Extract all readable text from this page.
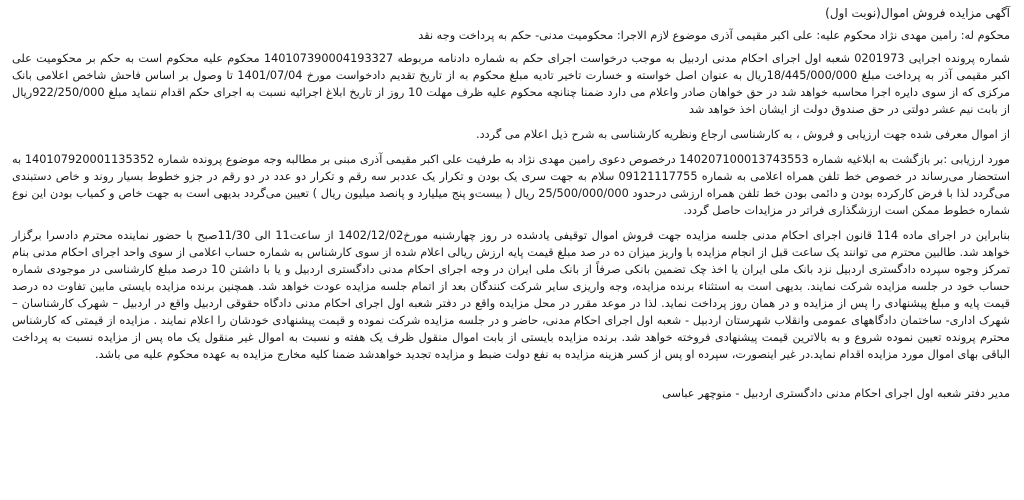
آگهی مزایده فروش اموال(نوبت اول)
محکوم له: رامین مهدی نژاد محکوم علیه: علی اکبر مقیمی آذری موضوع لازم الاجرا: محکومیت مدنی- حکم به پرداخت وجه نقد
شماره پرونده اجرایی 0201973 شعبه اول اجرای احکام مدنی اردبیل به موجب درخواست اجرای حکم به شماره دادنامه مربوطه 140107390004193327 محکوم علیه محکوم است به حکم بر محکومیت علی اکبر مقیمی آذر به پرداخت مبلغ 18/445/000/000ریال به عنوان اصل خواسته و خسارت تاخیر تادیه مبلغ محکوم به از تاریخ تقدیم دادخواست مورخ 1401/07/04 تا وصول بر اساس فاحش شاخص اعلامی بانک مرکزی که از سوی دایره اجرا محاسبه خواهد شد در حق خواهان صادر واعلام می دارد ضمنا چنانچه محکوم علیه ظرف مهلت 10 روز از تاریخ ابلاغ اجرائیه نسبت به اجرای حکم اقدام ننماید مبلغ 922/250/000ریال از بابت نیم عشر دولتی در حق صندوق دولت از ایشان اخذ خواهد شد
از اموال معرفی شده جهت ارزیابی و فروش ، به کارشناسی ارجاع ونظریه کارشناسی به شرح ذیل اعلام می گردد.
مورد ارزیابی :بر بازگشت به ابلاغیه شماره 140207100013743553 درخصوص دعوی رامین مهدی نژاد به طرفیت علی اکبر مقیمی آذری مبنی بر مطالبه وجه موضوع پرونده شماره 140107920001135352 به استحضار می‌رساند در خصوص خط تلفن همراه اعلامی به شماره 09121117755 سلام به جهت سری یک بودن و تکرار یک عددبر سه رقم و تکرار دو عدد در دو رقم در جزو خطوط بسیار روند و خاص دستبندی می‌گردد لذا با فرض کارکرده بودن و دائمی بودن خط تلفن همراه ارزشی درحدود 25/500/000/000 ریال ( بیست‌و پنج میلیارد و پانصد میلیون ریال ) تعیین می‌گردد بدیهی است به جهت خاص و کمیاب بودن این نوع شماره خطوط ممکن است ارزشگذاری فراتر در مزایدات حاصل گردد.
بنابراین در اجرای ماده 114 قانون اجرای احکام مدنی جلسه مزایده جهت فروش اموال توقیفی یادشده در روز چهارشنبه مورخ1402/12/02 از ساعت11 الی 11/30صبح با حضور نماینده محترم دادسرا برگزار خواهد شد. طالبین محترم می توانند یک ساعت قبل از انجام مزایده با واریز میزان ده در صد مبلغ قیمت پایه ارزش ریالی اعلام شده از سوی کارشناس به شماره حساب اعلامی از سوی واحد اجرای احکام مدنی بنام تمرکز وجوه سپرده دادگستری اردبیل نزد بانک ملی ایران یا اخذ چک تضمین بانکی صرفاً از بانک ملی ایران در وجه اجرای احکام مدنی دادگستری اردبیل و یا با داشتن 10 درصد مبلغ کارشناسی در موجودی شماره حساب خود در جلسه مزایده شرکت نمایند. بدیهی است به استثناء برنده مزایده، وجه واریزی سایر شرکت کنندگان بعد از اتمام جلسه مزایده عودت خواهد شد. همچنین برنده مزایده بایستی مابین تفاوت ده درصد قیمت پایه و مبلغ پیشنهادی را پس از مزایده و در همان روز پرداخت نماید. لذا در موعد مقرر در محل مزایده واقع در دفتر شعبه اول اجرای احکام مدنی دادگاه حقوقی اردبیل واقع در اردبیل – شهرک کارشناسان – شهرک اداری- ساختمان دادگاههای عمومی وانقلاب شهرستان اردبیل - شعبه اول اجرای احکام مدنی، حاضر و در جلسه مزایده شرکت نموده و قیمت پیشنهادی خودشان را اعلام نمایند . مزایده از قیمتی که کارشناس محترم پرونده تعیین نموده شروع و به بالاترین قیمت پیشنهادی فروخته خواهد شد. برنده مزایده بایستی از بابت اموال منقول ظرف یک هفته و نسبت به اموال غیر منقول یک ماه پس از مزایده نسبت به پرداخت الباقی بهای اموال مورد مزایده اقدام نماید.در غیر اینصورت، سپرده او پس از کسر هزینه مزایده به نفع دولت ضبط و مزایده تجدید خواهدشد ضمنا کلیه مخارج مزایده به عهده محکوم علیه می باشد.
مدیر دفتر شعبه اول اجرای احکام مدنی دادگستری اردبیل - منوچهر عباسی
